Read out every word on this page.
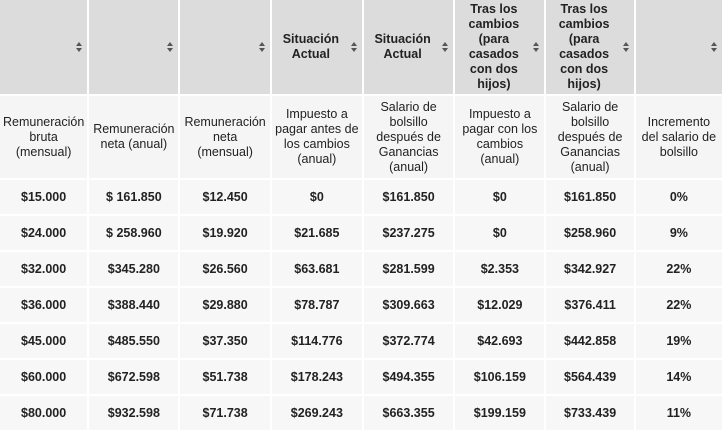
			Situación Actual	Situación Actual	Tras los cambios (para casados con dos hijos)	Tras los cambios (para casados con dos hijos)	

Remuneración bruta (mensual)	Remuneración neta (anual)	Remuneración neta (mensual)	Impuesto a pagar antes de los cambios (anual)	Salario de bolsillo después de Ganancias (anual)	Impuesto a pagar con los cambios (anual)	Salario de bolsillo después de Ganancias (anual)	Incremento del salario de bolsillo
$15.000	$ 161.850	$12.450	$0	$161.850	$0	$161.850	0%
$24.000	$ 258.960	$19.920	$21.685	$237.275	$0	$258.960	9%
$32.000	$345.280	$26.560	$63.681	$281.599	$2.353	$342.927	22%
$36.000	$388.440	$29.880	$78.787	$309.663	$12.029	$376.411	22%
$45.000	$485.550	$37.350	$114.776	$372.774	$42.693	$442.858	19%
$60.000	$672.598	$51.738	$178.243	$494.355	$106.159	$564.439	14%
$80.000	$932.598	$71.738	$269.243	$663.355	$199.159	$733.439	11%
